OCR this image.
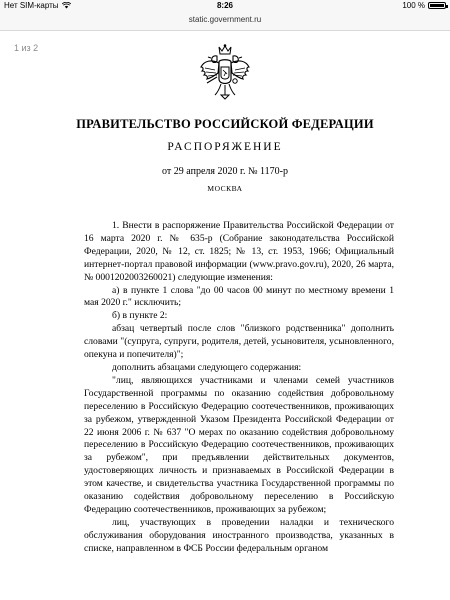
Нет SIM-карты	8:26	100 %
static.government.ru
1 из 2
ПРАВИТЕЛЬСТВО РОССИЙСКОЙ ФЕДЕРАЦИИ
РАСПОРЯЖЕНИЕ
от 29 апреля 2020 г. № 1170-р
МОСКВА

1. Внести в распоряжение Правительства Российской Федерации от 16 марта 2020 г. № 635-р (Собрание законодательства Российской Федерации, 2020, № 12, ст. 1825; № 13, ст. 1953, 1966; Официальный интернет-портал правовой информации (www.pravo.gov.ru), 2020, 26 марта, № 0001202003260021) следующие изменения:

а) в пункте 1 слова "до 00 часов 00 минут по местному времени 1 мая 2020 г." исключить;

б) в пункте 2:

абзац четвертый после слов "близкого родственника" дополнить словами "(супруга, супруги, родителя, детей, усыновителя, усыновленного, опекуна и попечителя)";

дополнить абзацами следующего содержания:

"лиц, являющихся участниками и членами семей участников Государственной программы по оказанию содействия добровольному переселению в Российскую Федерацию соотечественников, проживающих за рубежом, утвержденной Указом Президента Российской Федерации от 22 июня 2006 г. № 637 "О мерах по оказанию содействия добровольному переселению в Российскую Федерацию соотечественников, проживающих за рубежом", при предъявлении действительных документов, удостоверяющих личность и признаваемых в Российской Федерации в этом качестве, и свидетельства участника Государственной программы по оказанию содействия добровольному переселению в Российскую Федерацию соотечественников, проживающих за рубежом;

лиц, участвующих в проведении наладки и технического обслуживания оборудования иностранного производства, указанных в списке, направленном в ФСБ России федеральным органом
